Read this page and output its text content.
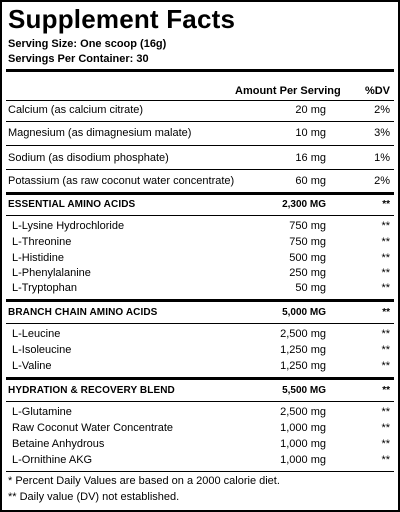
Supplement Facts
Serving Size: One scoop (16g)
Servings Per Container: 30
Amount Per Serving %DV
Calcium (as calcium citrate)	20 mg	2%
Magnesium (as dimagnesium malate)	10 mg	3%
Sodium (as disodium phosphate)	16 mg	1%
Potassium (as raw coconut water concentrate)	60 mg	2%
ESSENTIAL AMINO ACIDS	2,300 MG	**
L-Lysine Hydrochloride	750 mg	**
L-Threonine	750 mg	**
L-Histidine	500 mg	**
L-Phenylalanine	250 mg	**
L-Tryptophan	50 mg	**
BRANCH CHAIN AMINO ACIDS	5,000 MG	**
L-Leucine	2,500 mg	**
L-Isoleucine	1,250 mg	**
L-Valine	1,250 mg	**
HYDRATION & RECOVERY BLEND	5,500 MG	**
L-Glutamine	2,500 mg	**
Raw Coconut Water Concentrate	1,000 mg	**
Betaine Anhydrous	1,000 mg	**
L-Ornithine AKG	1,000 mg	**
* Percent Daily Values are based on a 2000 calorie diet.
** Daily value (DV) not established.
